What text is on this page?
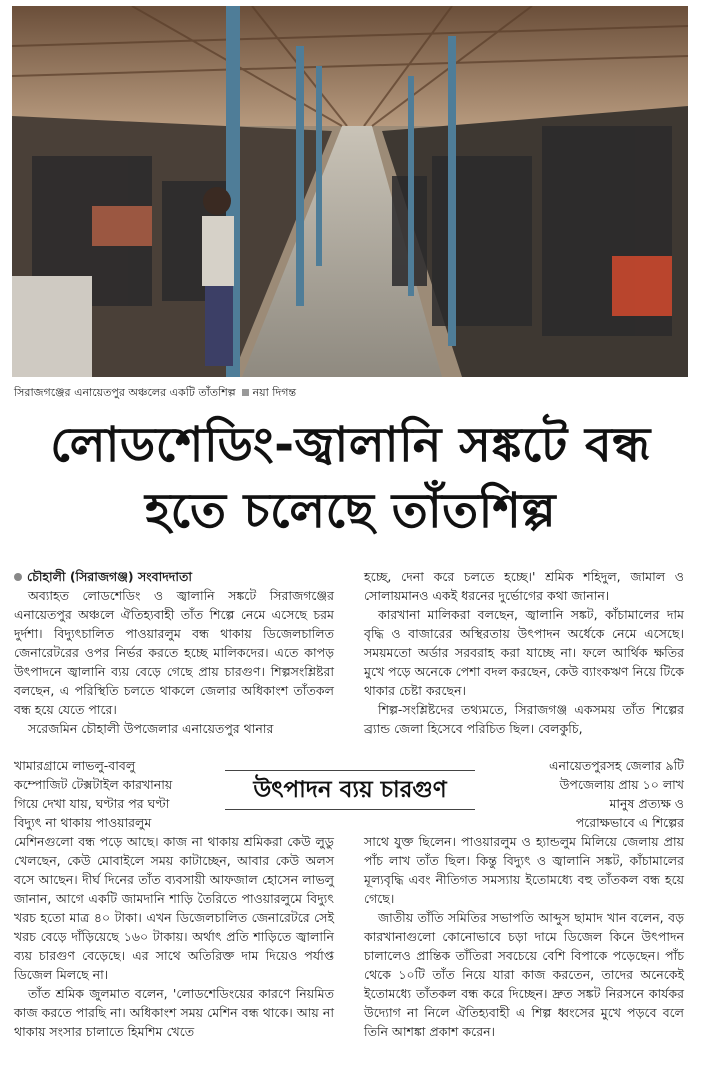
সিরাজগঞ্জের এনায়েতপুর অঞ্চলের একটি তাঁতশিল্প নয়া দিগন্ত
লোডশেডিং-জ্বালানি সঙ্কটে বন্ধ
হতে চলেছে তাঁতশিল্প

চৌহালী (সিরাজগঞ্জ) সংবাদদাতা

অব্যাহত লোডশেডিং ও জ্বালানি সঙ্কটে সিরাজগঞ্জের এনায়েতপুর অঞ্চলে ঐতিহ্যবাহী তাঁত শিল্পে নেমে এসেছে চরম দুর্দশা। বিদ্যুৎচালিত পাওয়ারলুম বন্ধ থাকায় ডিজেলচালিত জেনারেটরের ওপর নির্ভর করতে হচ্ছে মালিকদের। এতে কাপড় উৎপাদনে জ্বালানি ব্যয় বেড়ে গেছে প্রায় চারগুণ। শিল্পসংশ্লিষ্টরা বলছেন, এ পরিস্থিতি চলতে থাকলে জেলার অধিকাংশ তাঁতকল বন্ধ হয়ে যেতে পারে।

সরেজমিন চৌহালী উপজেলার এনায়েতপুর থানার

খামারগ্রামে লাভলু-বাবলু
কম্পোজিট টেক্সটাইল কারখানায়
গিয়ে দেখা যায়, ঘণ্টার পর ঘণ্টা
বিদ্যুৎ না থাকায় পাওয়ারলুম

মেশিনগুলো বন্ধ পড়ে আছে। কাজ না থাকায় শ্রমিকরা কেউ লুডু খেলছেন, কেউ মোবাইলে সময় কাটাচ্ছেন, আবার কেউ অলস বসে আছেন। দীর্ঘ দিনের তাঁত ব্যবসায়ী আফজাল হোসেন লাভলু জানান, আগে একটি জামদানি শাড়ি তৈরিতে পাওয়ারলুমে বিদ্যুৎ খরচ হতো মাত্র ৪০ টাকা। এখন ডিজেলচালিত জেনারেটরে সেই খরচ বেড়ে দাঁড়িয়েছে ১৬০ টাকায়। অর্থাৎ প্রতি শাড়িতে জ্বালানি ব্যয় চারগুণ বেড়েছে। এর সাথে অতিরিক্ত দাম দিয়েও পর্যাপ্ত ডিজেল মিলছে না।

তাঁত শ্রমিক জুলমাত বলেন, 'লোডশেডিংয়ের কারণে নিয়মিত কাজ করতে পারছি না। অধিকাংশ সময় মেশিন বন্ধ থাকে। আয় না থাকায় সংসার চালাতে হিমশিম খেতে

উৎপাদন ব্যয় চারগুণ

হচ্ছে, দেনা করে চলতে হচ্ছে।' শ্রমিক শহিদুল, জামাল ও সোলায়মানও একই ধরনের দুর্ভোগের কথা জানান।

কারখানা মালিকরা বলছেন, জ্বালানি সঙ্কট, কাঁচামালের দাম বৃদ্ধি ও বাজারের অস্থিরতায় উৎপাদন অর্ধেকে নেমে এসেছে। সময়মতো অর্ডার সরবরাহ করা যাচ্ছে না। ফলে আর্থিক ক্ষতির মুখে পড়ে অনেকে পেশা বদল করছেন, কেউ ব্যাংকঋণ নিয়ে টিকে থাকার চেষ্টা করছেন।

শিল্প-সংশ্লিষ্টদের তথ্যমতে, সিরাজগঞ্জ একসময় তাঁত শিল্পের ব্র্যান্ড জেলা হিসেবে পরিচিত ছিল। বেলকুচি,

এনায়েতপুরসহ জেলার ৯টি
উপজেলায় প্রায় ১০ লাখ
মানুষ প্রত্যক্ষ ও
পরোক্ষভাবে এ শিল্পের

সাথে যুক্ত ছিলেন। পাওয়ারলুম ও হ্যান্ডলুম মিলিয়ে জেলায় প্রায় পাঁচ লাখ তাঁত ছিল। কিন্তু বিদ্যুৎ ও জ্বালানি সঙ্কট, কাঁচামালের মূল্যবৃদ্ধি এবং নীতিগত সমস্যায় ইতোমধ্যে বহু তাঁতকল বন্ধ হয়ে গেছে।

জাতীয় তাঁতি সমিতির সভাপতি আব্দুস ছামাদ খান বলেন, বড় কারখানাগুলো কোনোভাবে চড়া দামে ডিজেল কিনে উৎপাদন চালালেও প্রান্তিক তাঁতিরা সবচেয়ে বেশি বিপাকে পড়েছেন। পাঁচ থেকে ১০টি তাঁত নিয়ে যারা কাজ করতেন, তাদের অনেকেই ইতোমধ্যে তাঁতকল বন্ধ করে দিচ্ছেন। দ্রুত সঙ্কট নিরসনে কার্যকর উদ্যোগ না নিলে ঐতিহ্যবাহী এ শিল্প ধ্বংসের মুখে পড়বে বলে তিনি আশঙ্কা প্রকাশ করেন।
